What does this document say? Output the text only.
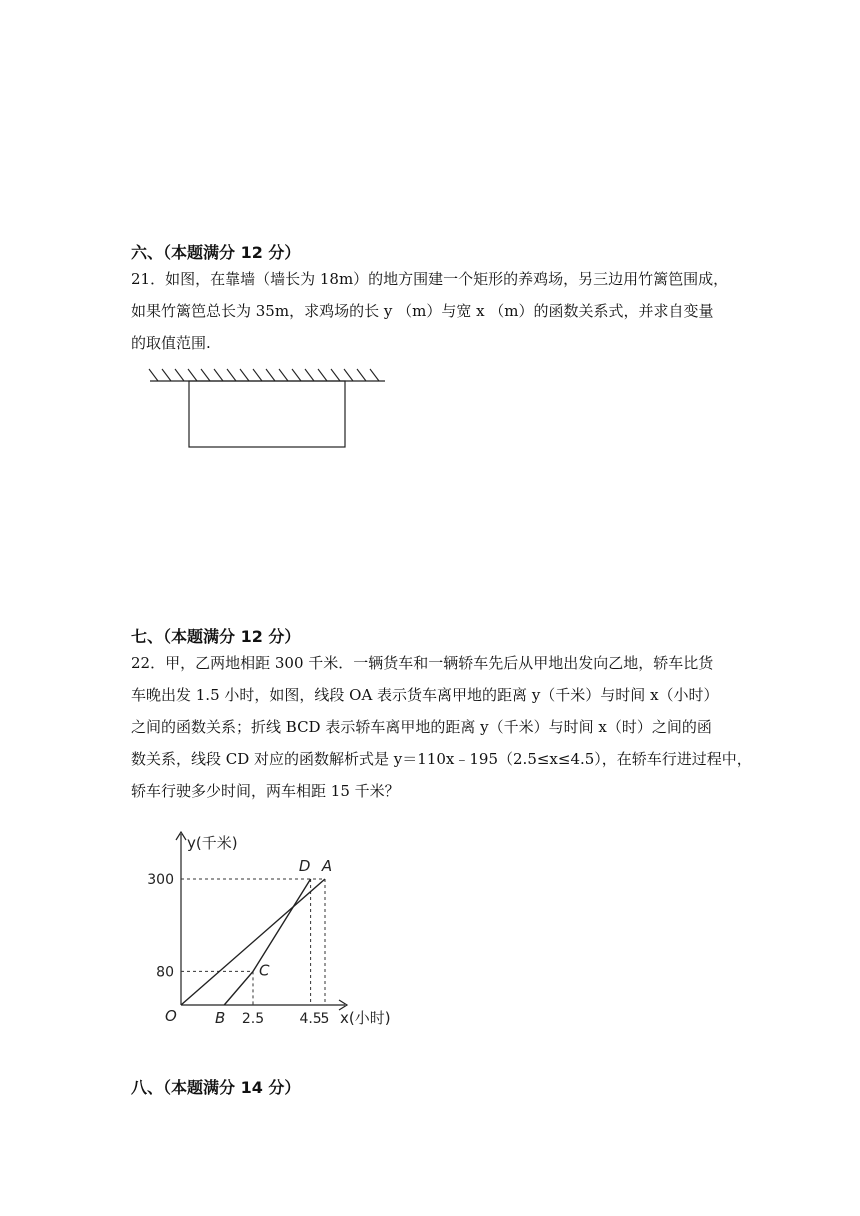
六、（本题满分 12 分）
21．如图，在靠墙（墙长为 18m）的地方围建一个矩形的养鸡场，另三边用竹篱笆围成，
如果竹篱笆总长为 35m，求鸡场的长 y （m）与宽 x （m）的函数关系式，并求自变量
的取值范围.
七、（本题满分 12 分）
22．甲，乙两地相距 300 千米．一辆货车和一辆轿车先后从甲地出发向乙地，轿车比货
车晚出发 1.5 小时，如图，线段 OA 表示货车离甲地的距离 y（千米）与时间 x（小时）
之间的函数关系；折线 BCD 表示轿车离甲地的距离 y（千米）与时间 x（时）之间的函
数关系，线段 CD 对应的函数解析式是 y＝110x﹣195（2.5≤x≤4.5），在轿车行进过程中，
轿车行驶多少时间，两车相距 15 千米？
y(千米)
x(小时)
O
300
80
2.5	4.5
5
B
C
D A
八、（本题满分 14 分）
